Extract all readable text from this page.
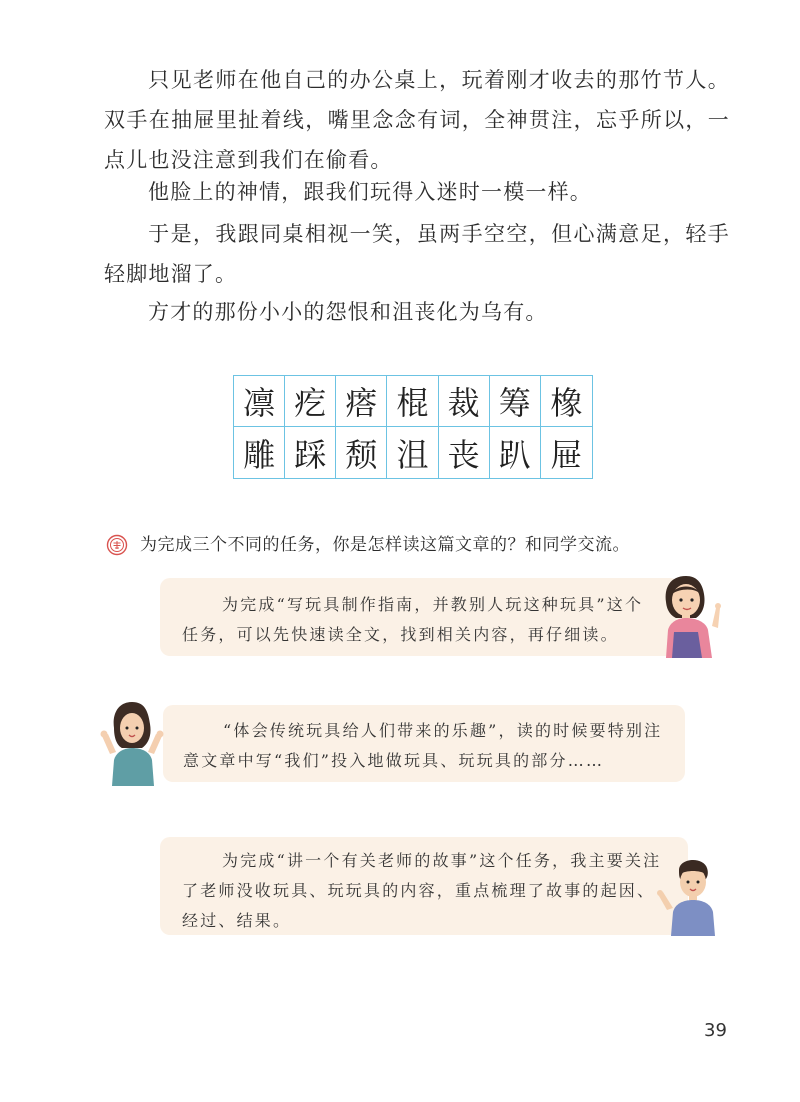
只见老师在他自己的办公桌上，玩着刚才收去的那竹节人。双手在抽屉里扯着线，嘴里念念有词，全神贯注，忘乎所以，一点儿也没注意到我们在偷看。

他脸上的神情，跟我们玩得入迷时一模一样。

于是，我跟同桌相视一笑，虽两手空空，但心满意足，轻手轻脚地溜了。

方才的那份小小的怨恨和沮丧化为乌有。

凛 疙 瘩 棍 裁 筹 橡
雕 踩 颓 沮 丧 趴 屉

为完成三个不同的任务，你是怎样读这篇文章的？和同学交流。

为完成“写玩具制作指南，并教别人玩这种玩具”这个任务，可以先快速读全文，找到相关内容，再仔细读。

“体会传统玩具给人们带来的乐趣”，读的时候要特别注意文章中写“我们”投入地做玩具、玩玩具的部分……

为完成“讲一个有关老师的故事”这个任务，我主要关注了老师没收玩具、玩玩具的内容，重点梳理了故事的起因、经过、结果。

39
